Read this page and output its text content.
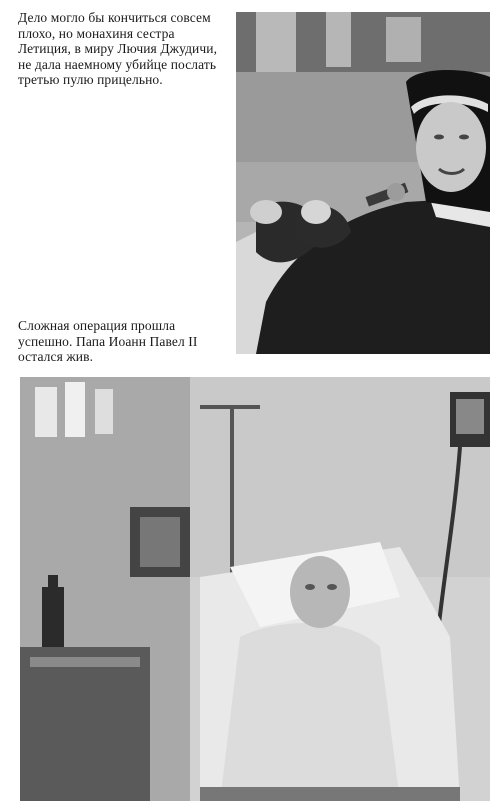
Дело могло бы кончиться совсем плохо, но монахиня сестра Летиция, в миру Лючия Джудичи, не дала наемному убийце послать третью пулю прицельно.
Сложная операция прошла успешно. Папа Иоанн Павел II остался жив.
